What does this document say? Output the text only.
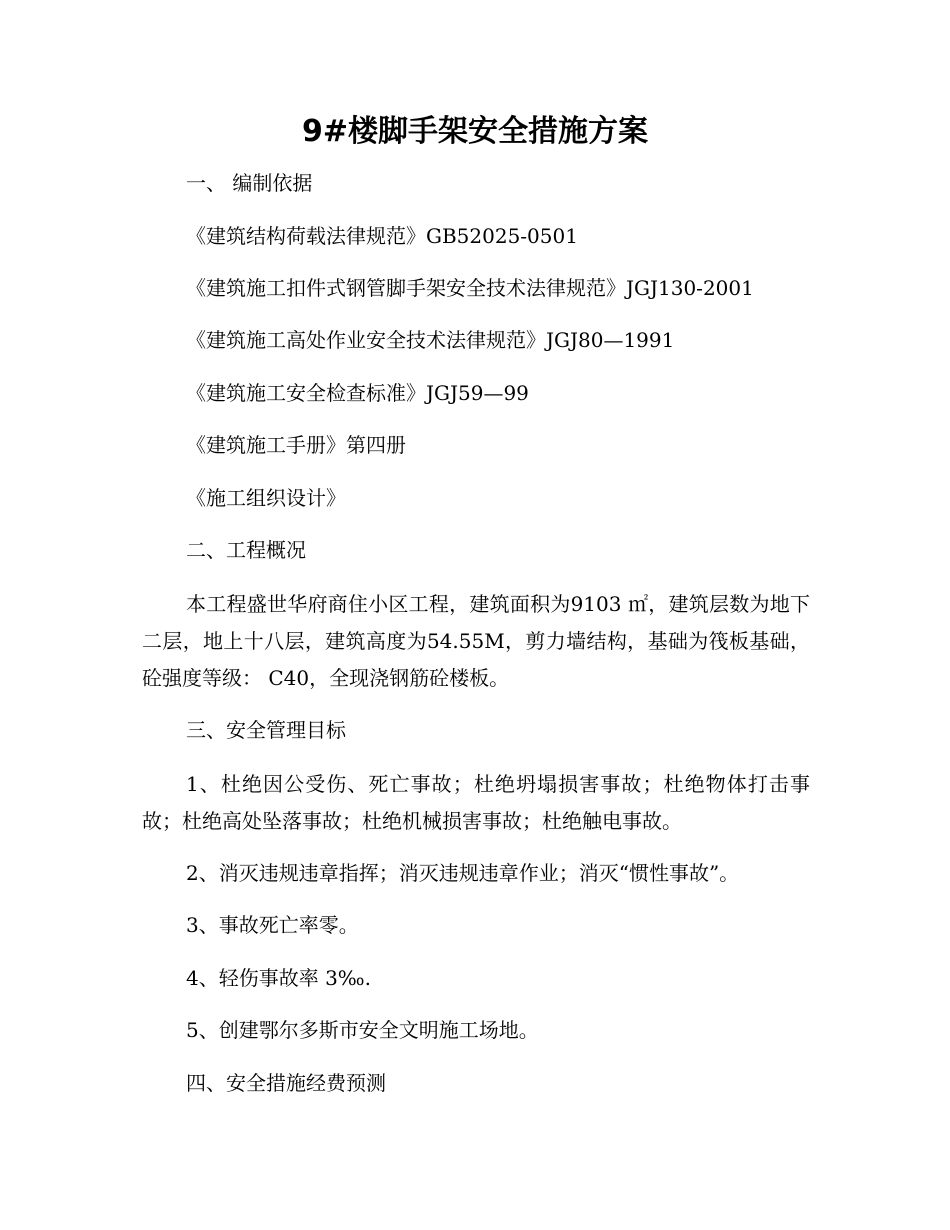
9#楼脚手架安全措施方案

一、 编制依据

《建筑结构荷载法律规范》GB52025-0501

《建筑施工扣件式钢管脚手架安全技术法律规范》JGJ130-2001

《建筑施工高处作业安全技术法律规范》JGJ80—1991

《建筑施工安全检查标准》JGJ59—99

《建筑施工手册》第四册

《施工组织设计》

二、工程概况

本工程盛世华府商住小区工程，建筑面积为9103 ㎡，建筑层数为地下二层，地上十八层，建筑高度为54.55M，剪力墙结构，基础为筏板基础，砼强度等级： C40，全现浇钢筋砼楼板。

三、安全管理目标

1、杜绝因公受伤、死亡事故；杜绝坍塌损害事故；杜绝物体打击事故；杜绝高处坠落事故；杜绝机械损害事故；杜绝触电事故。

2、消灭违规违章指挥；消灭违规违章作业；消灭“惯性事故”。

3、事故死亡率零。

4、轻伤事故率 3‰.

5、创建鄂尔多斯市安全文明施工场地。

四、安全措施经费预测
